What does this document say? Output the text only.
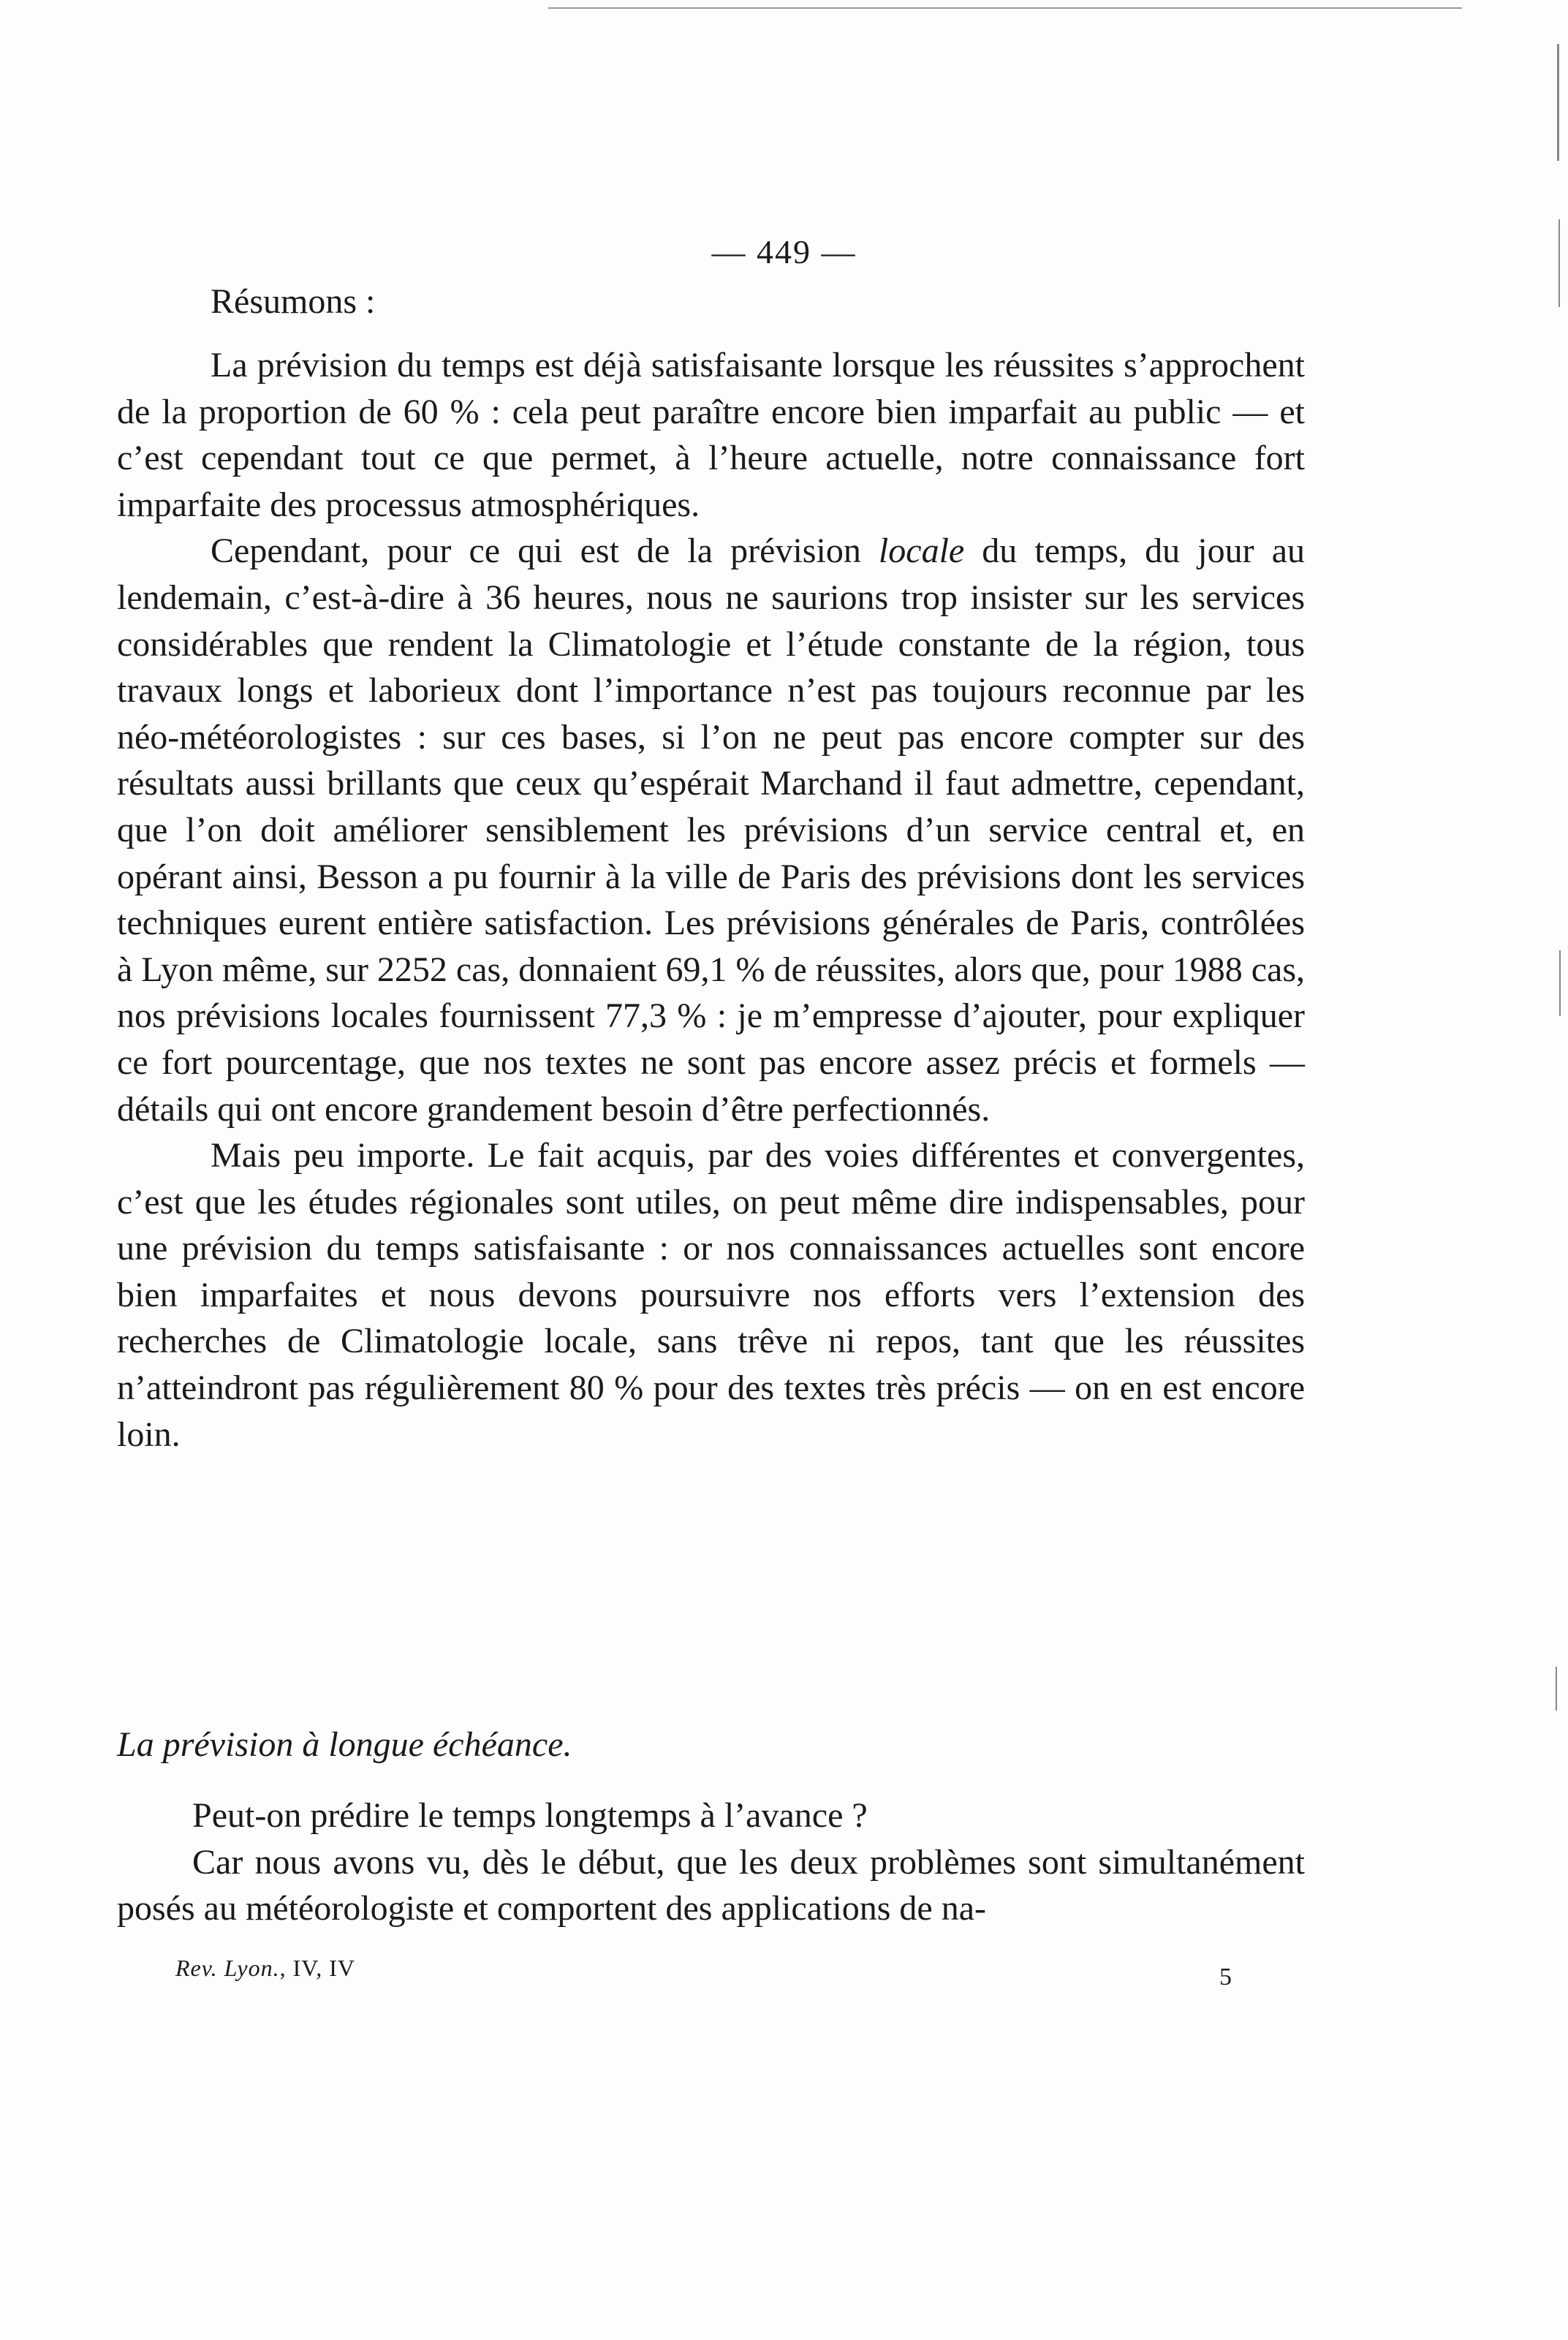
— 449 —
Résumons :

La prévision du temps est déjà satisfaisante lorsque les réussites s’approchent de la proportion de 60 % : cela peut paraître encore bien imparfait au public — et c’est cependant tout ce que permet, à l’heure actuelle, notre connaissance fort imparfaite des processus atmosphériques.

Cependant, pour ce qui est de la prévision locale du temps, du jour au lendemain, c’est-à-dire à 36 heures, nous ne saurions trop insister sur les services considérables que rendent la Climatologie et l’étude constante de la région, tous travaux longs et laborieux dont l’importance n’est pas toujours reconnue par les néo-météorologistes : sur ces bases, si l’on ne peut pas encore compter sur des résultats aussi brillants que ceux qu’espérait Marchand il faut admettre, cependant, que l’on doit améliorer sensiblement les prévisions d’un service central et, en opérant ainsi, Besson a pu fournir à la ville de Paris des prévisions dont les services techniques eurent entière satisfaction. Les prévisions générales de Paris, contrôlées à Lyon même, sur 2252 cas, donnaient 69,1 % de réussites, alors que, pour 1988 cas, nos prévisions locales fournissent 77,3 % : je m’empresse d’ajouter, pour expliquer ce fort pourcentage, que nos textes ne sont pas encore assez précis et formels — détails qui ont encore grandement besoin d’être perfectionnés.

Mais peu importe. Le fait acquis, par des voies différentes et convergentes, c’est que les études régionales sont utiles, on peut même dire indispensables, pour une prévision du temps satisfaisante : or nos connaissances actuelles sont encore bien imparfaites et nous devons poursuivre nos efforts vers l’extension des recherches de Climatologie locale, sans trêve ni repos, tant que les réussites n’atteindront pas régulièrement 80 % pour des textes très précis — on en est encore loin.

La prévision à longue échéance.

Peut-on prédire le temps longtemps à l’avance ?

Car nous avons vu, dès le début, que les deux problèmes sont simultanément posés au météorologiste et comportent des applications de na-

Rev. Lyon., IV, IV	5
